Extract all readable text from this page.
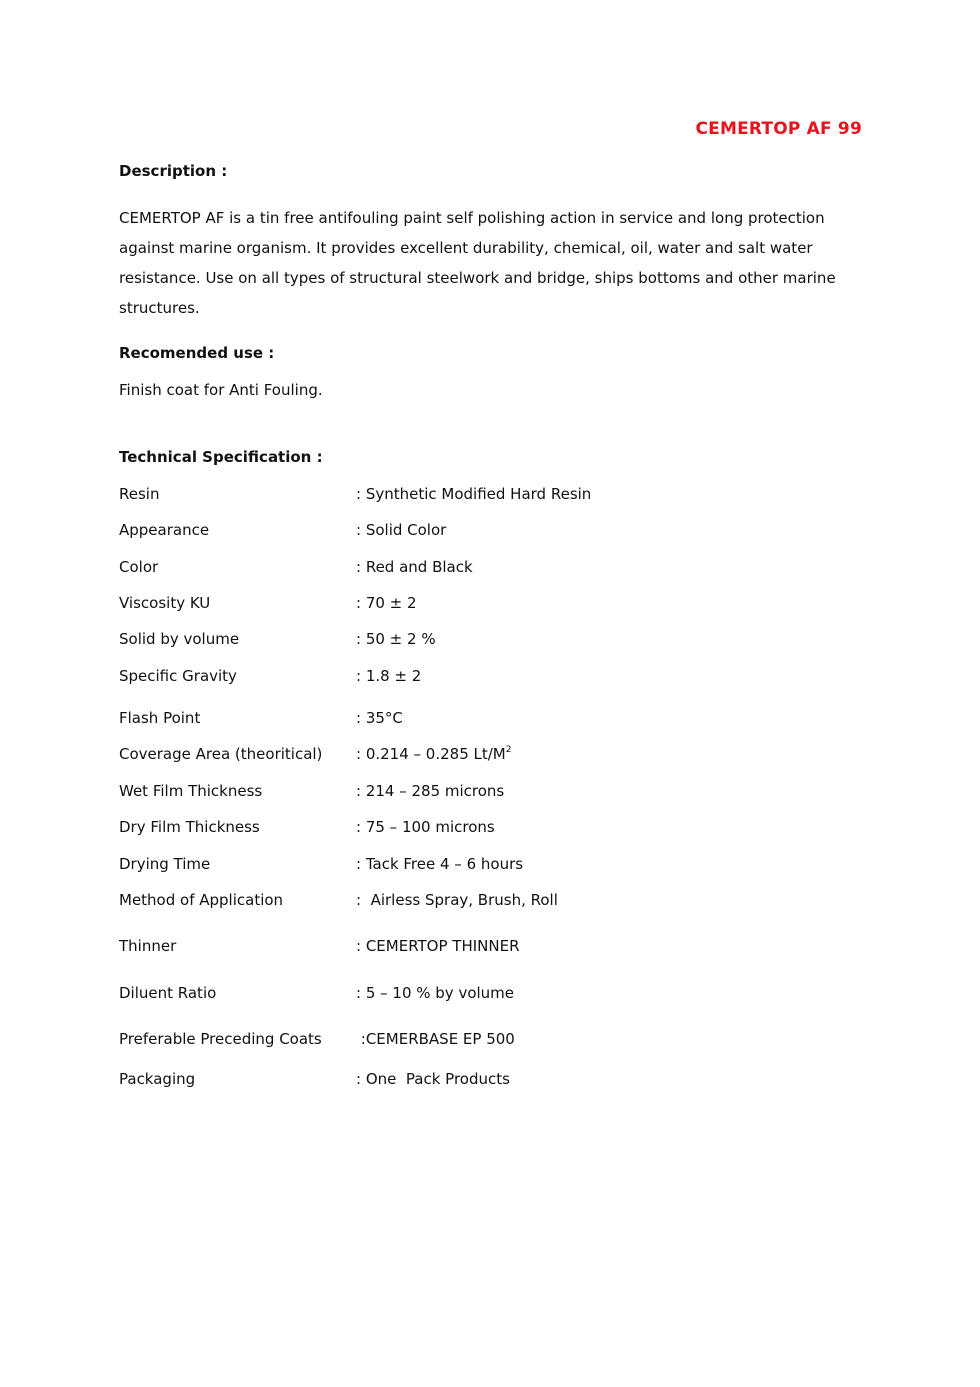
CEMERTOP AF 99
Description :

CEMERTOP AF is a tin free antifouling paint self polishing action in service and long protection

against marine organism. It provides excellent durability, chemical, oil, water and salt water

resistance. Use on all types of structural steelwork and bridge, ships bottoms and other marine

structures.

Recomended use :
Finish coat for Anti Fouling.
Technical Specification :
Resin	: Synthetic Modified Hard Resin
Appearance	: Solid Color
Color	: Red and Black
Viscosity KU	: 70 ± 2
Solid by volume	: 50 ± 2 %
Specific Gravity	: 1.8 ± 2
Flash Point	: 35°C
Coverage Area (theoritical) : 0.214 – 0.285 $Lt/M^2$
Wet Film Thickness	: 214 – 285 microns
Dry Film Thickness	: 75 – 100 microns
Drying Time	: Tack Free 4 – 6 hours
Method of Application	:  Airless Spray, Brush, Roll
Thinner	: CEMERTOP THINNER
Diluent Ratio	: 5 – 10 % by volume
Preferable Preceding Coats :CEMERBASE EP 500
Packaging	: One  Pack Products
